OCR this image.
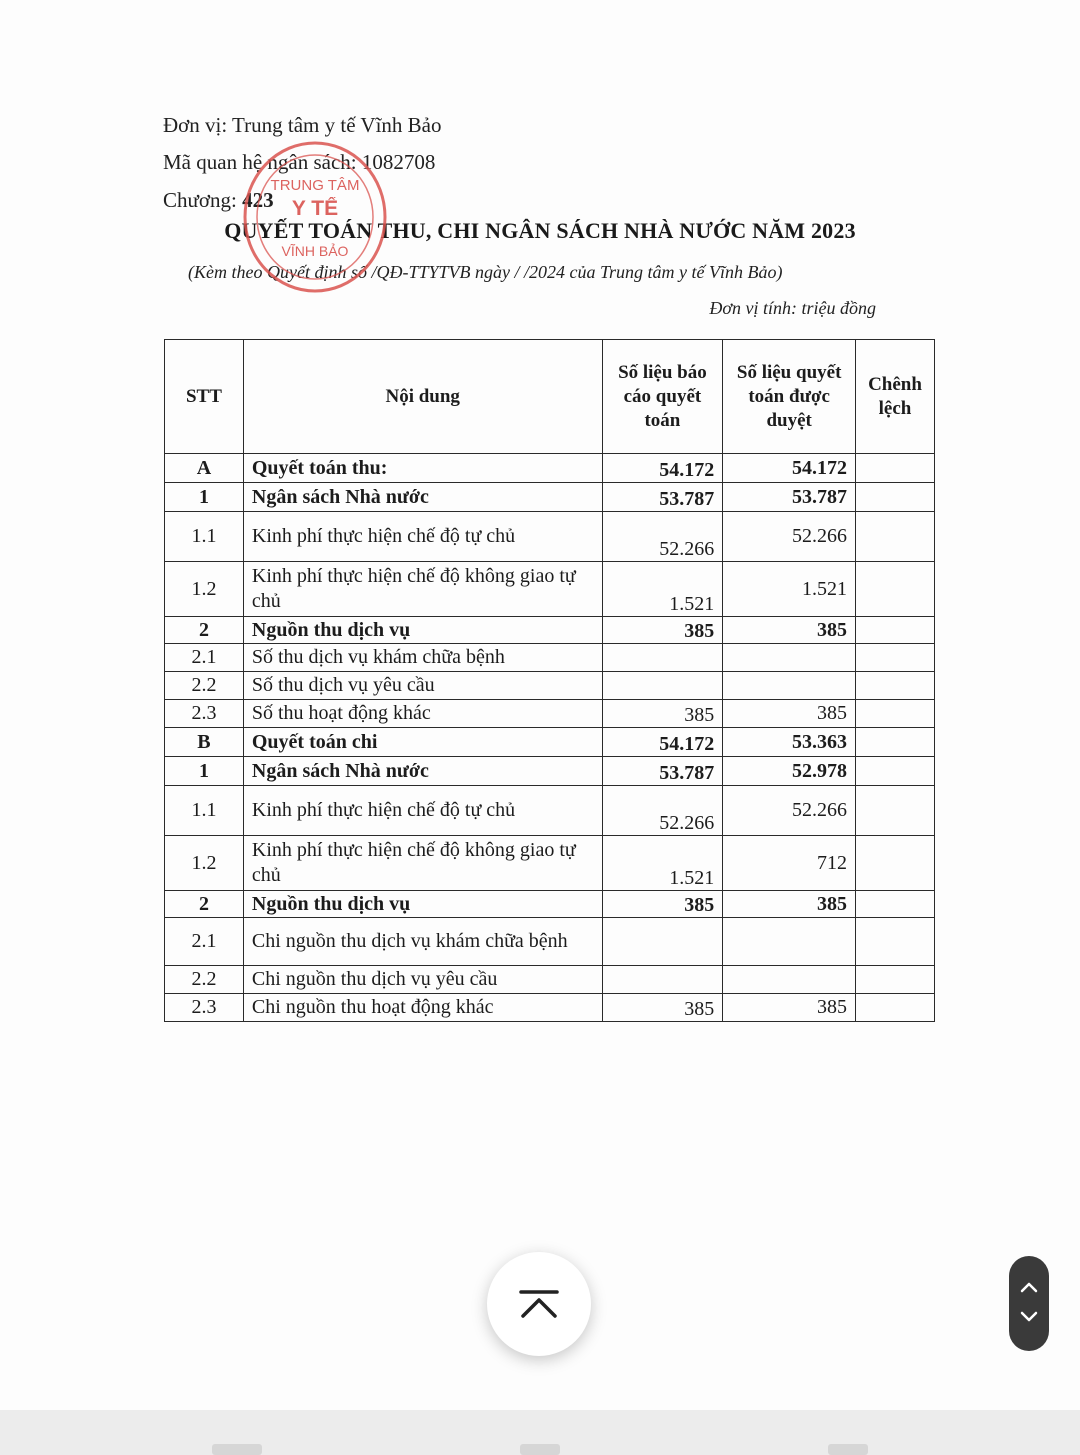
Đơn vị: Trung tâm y tế Vĩnh Bảo
Mã quan hệ ngân sách: 1082708
Chương: 423
QUYẾT TOÁN THU, CHI NGÂN SÁCH NHÀ NƯỚC NĂM 2023
(Kèm theo Quyết định số /QĐ-TTYTVB ngày / /2024 của Trung tâm y tế Vĩnh Bảo)
Đơn vị tính: triệu đồng
TRUNG TÂM
Y TẾ
VĨNH BẢO
STT	Nội dung	Số liệu báo cáo quyết toán	Số liệu quyết toán được duyệt	Chênh lệch
A	Quyết toán thu:	54.172	54.172	
1	Ngân sách Nhà nước	53.787	53.787	
1.1	Kinh phí thực hiện chế độ tự chủ	52.266	52.266	
1.2	Kinh phí thực hiện chế độ không giao tự chủ	1.521	1.521	
2	Nguồn thu dịch vụ	385	385	
2.1	Số thu dịch vụ khám chữa bệnh			
2.2	Số thu dịch vụ yêu cầu			
2.3	Số thu hoạt động khác	385	385	
B	Quyết toán chi	54.172	53.363	
1	Ngân sách Nhà nước	53.787	52.978	
1.1	Kinh phí thực hiện chế độ tự chủ	52.266	52.266	
1.2	Kinh phí thực hiện chế độ không giao tự chủ	1.521	712	
2	Nguồn thu dịch vụ	385	385	
2.1	Chi nguồn thu dịch vụ khám chữa bệnh			
2.2	Chi nguồn thu dịch vụ yêu cầu			
2.3	Chi nguồn thu hoạt động khác	385	385	
